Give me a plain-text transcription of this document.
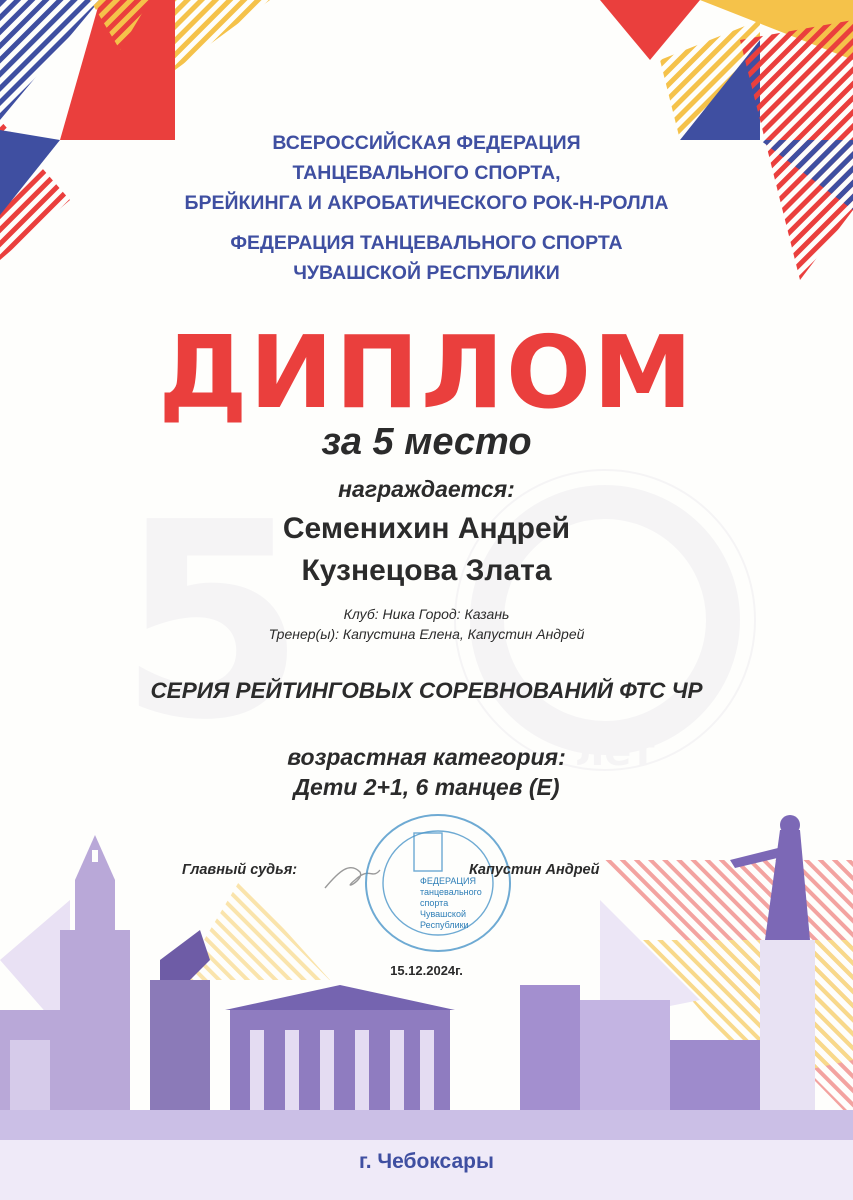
5	лет
ФЕДЕРАЦИЯ
танцевального спорта
Чувашской
Республики
ВСЕРОССИЙСКАЯ ФЕДЕРАЦИЯ
ТАНЦЕВАЛЬНОГО СПОРТА,
БРЕЙКИНГА И АКРОБАТИЧЕСКОГО РОК-Н-РОЛЛА
ФЕДЕРАЦИЯ ТАНЦЕВАЛЬНОГО СПОРТА
ЧУВАШСКОЙ РЕСПУБЛИКИ
ДИПЛОМ
за 5 место
награждается:
Семенихин Андрей
Кузнецова Злата
Клуб: Ника Город: Казань
Тренер(ы): Капустина Елена, Капустин Андрей
СЕРИЯ РЕЙТИНГОВЫХ СОРЕВНОВАНИЙ ФТС ЧР
возрастная категория:
Дети 2+1, 6 танцев (E)
Главный судья:	Капустин Андрей
15.12.2024г.
г. Чебоксары
